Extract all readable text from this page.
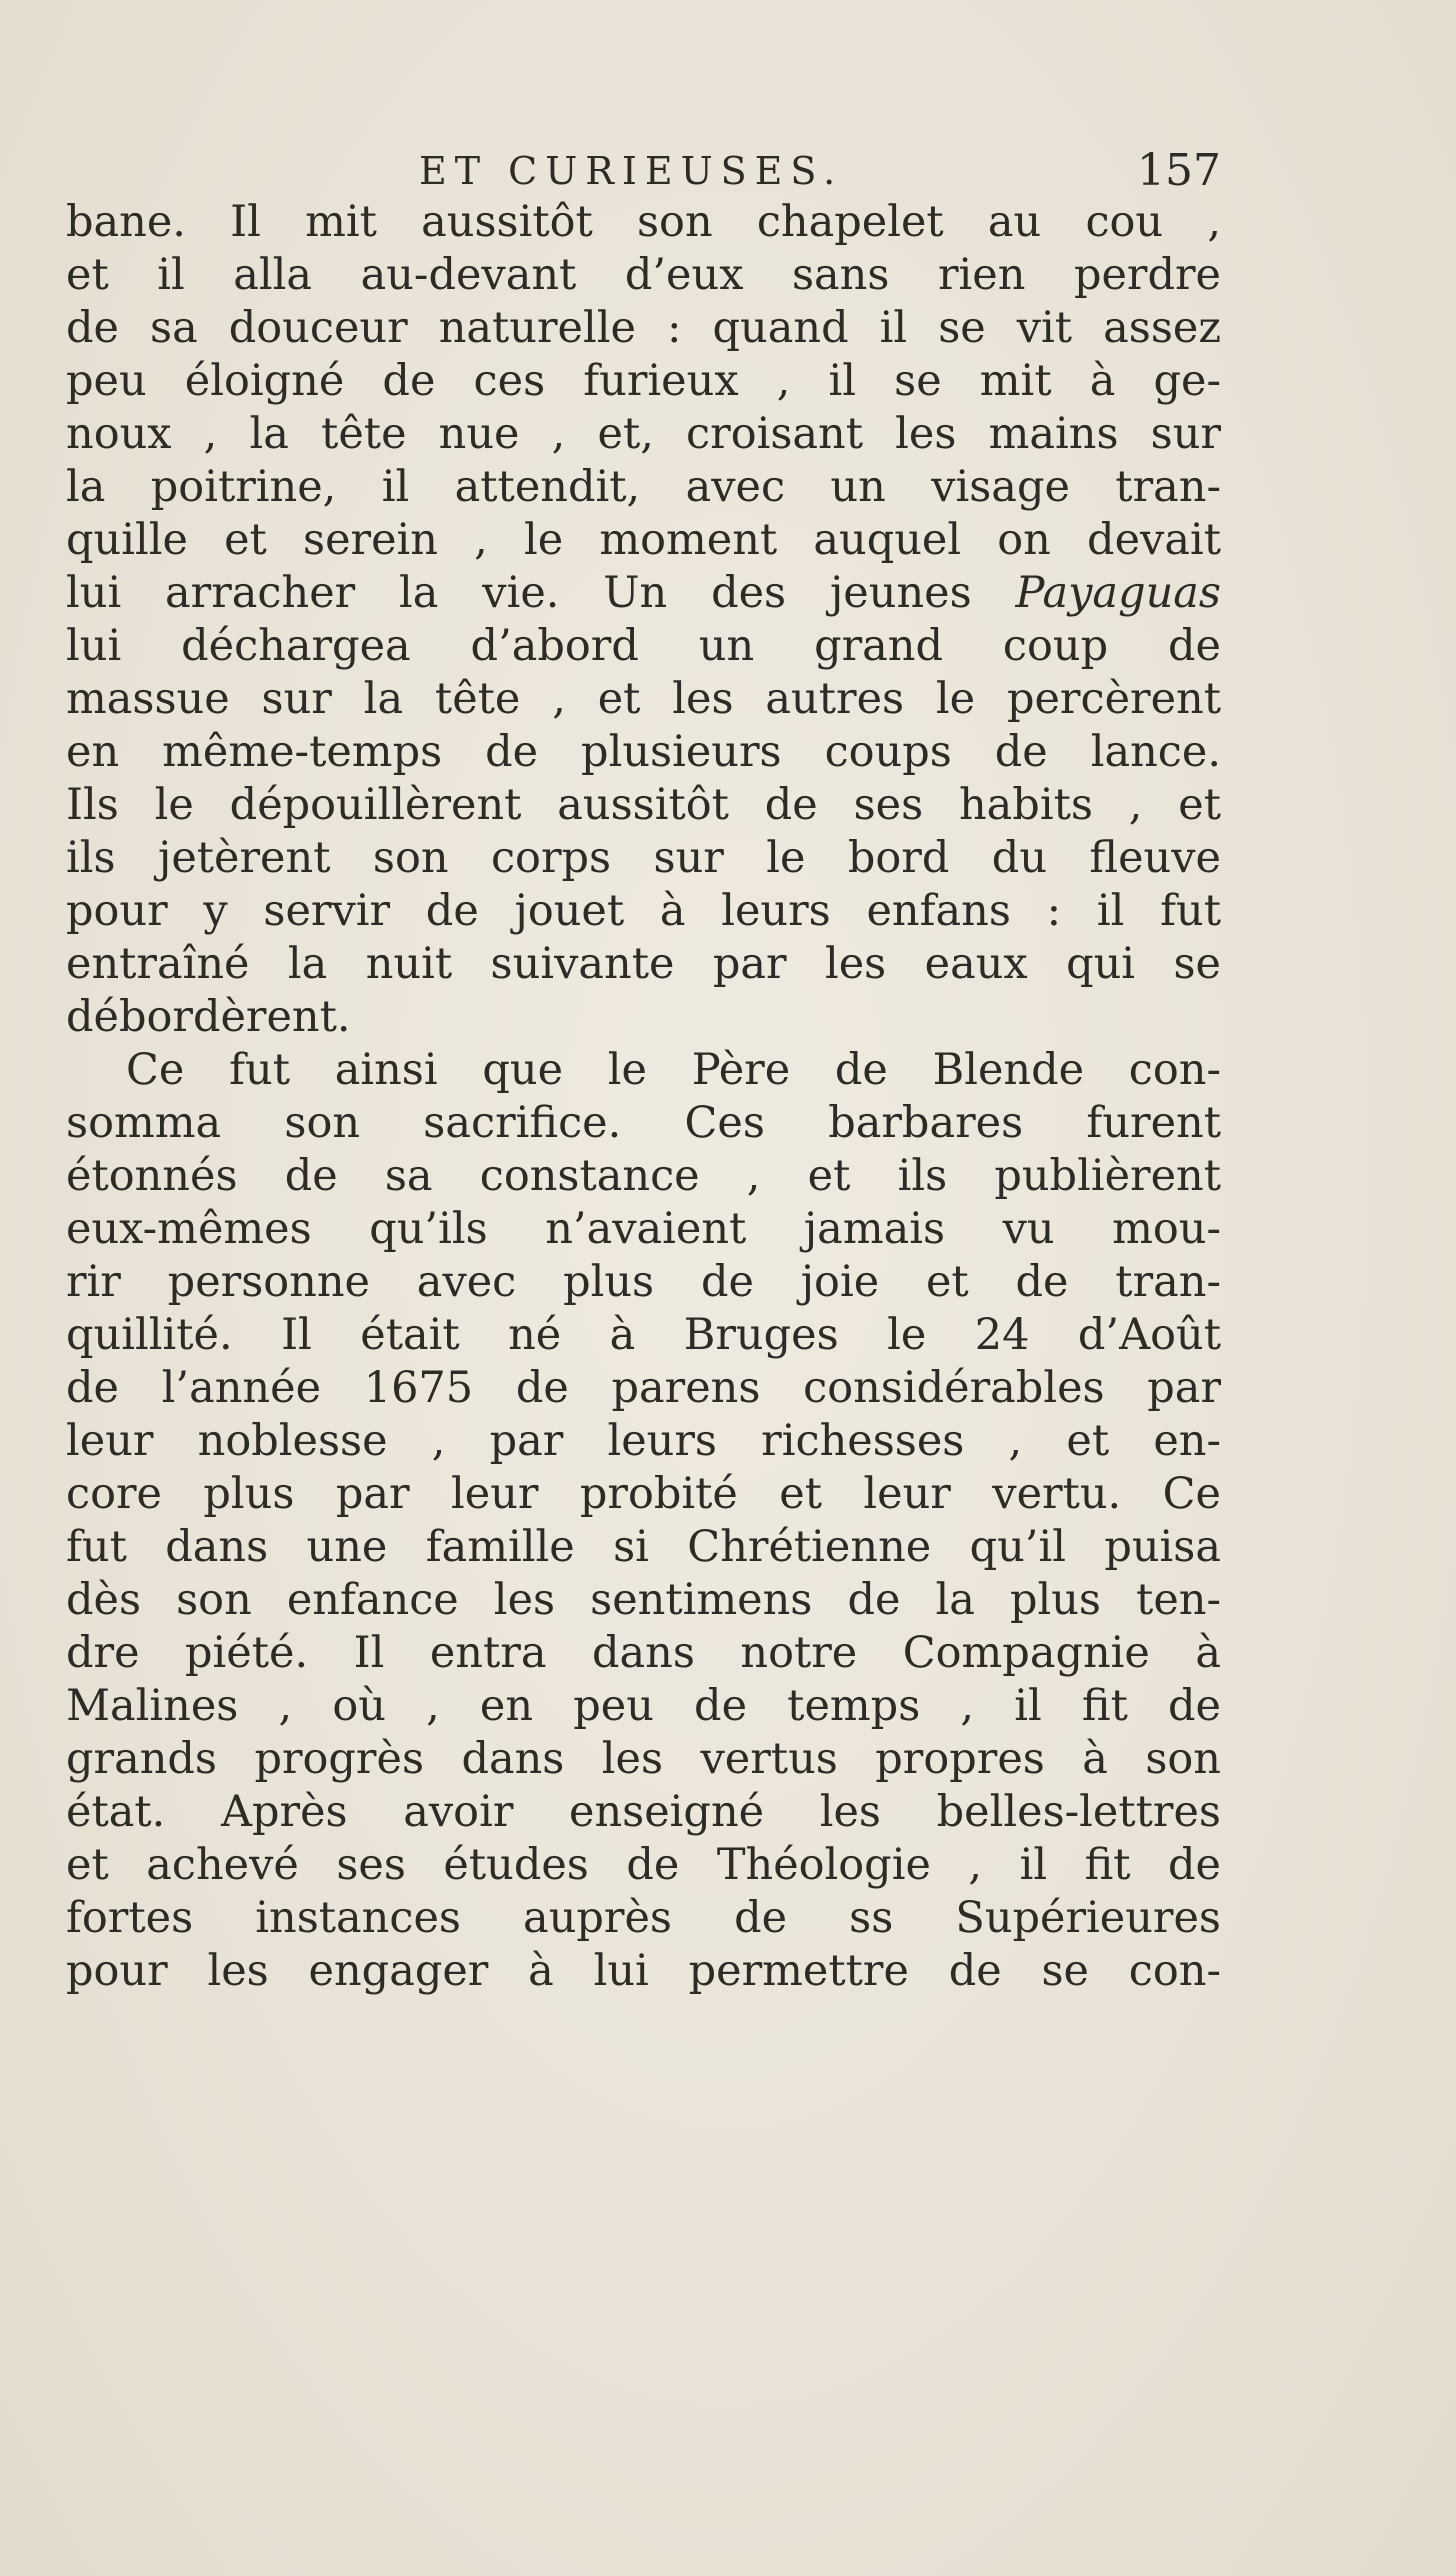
ET CURIEUSES.	157
bane. Il mit aussitôt son chapelet au cou ,
et il alla au-devant d’eux sans rien perdre
de sa douceur naturelle : quand il se vit assez
peu éloigné de ces furieux , il se mit à ge-
noux , la tête nue , et, croisant les mains sur
la poitrine, il attendit, avec un visage tran-
quille et serein , le moment auquel on devait
lui arracher la vie. Un des jeunes Payaguas
lui déchargea d’abord un grand coup de
massue sur la tête , et les autres le percèrent
en même-temps de plusieurs coups de lance.
Ils le dépouillèrent aussitôt de ses habits , et
ils jetèrent son corps sur le bord du fleuve
pour y servir de jouet à leurs enfans : il fut
entraîné la nuit suivante par les eaux qui se
débordèrent.
Ce fut ainsi que le Père de Blende con-
somma son sacrifice. Ces barbares furent
étonnés de sa constance , et ils publièrent
eux-mêmes qu’ils n’avaient jamais vu mou-
rir personne avec plus de joie et de tran-
quillité. Il était né à Bruges le 24 d’Août
de l’année 1675 de parens considérables par
leur noblesse , par leurs richesses , et en-
core plus par leur probité et leur vertu. Ce
fut dans une famille si Chrétienne qu’il puisa
dès son enfance les sentimens de la plus ten-
dre piété. Il entra dans notre Compagnie à
Malines , où , en peu de temps , il fit de
grands progrès dans les vertus propres à son
état. Après avoir enseigné les belles-lettres
et achevé ses études de Théologie , il fit de
fortes instances auprès de ss Supérieures
pour les engager à lui permettre de se con-
